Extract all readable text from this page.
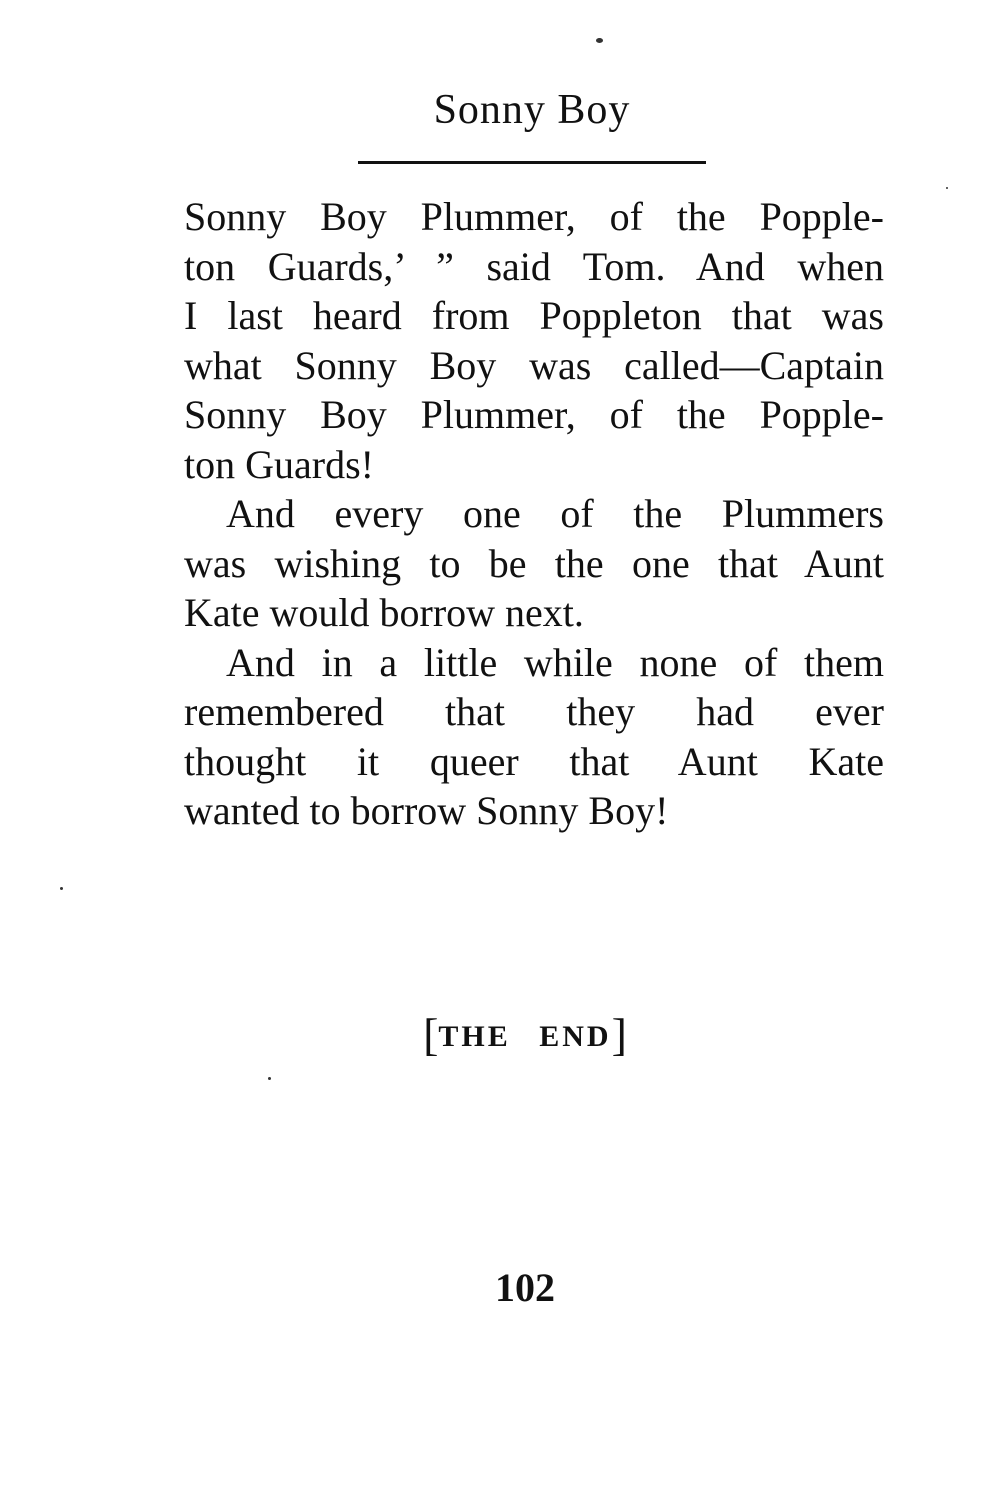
Sonny Boy

Sonny Boy Plummer, of the Popple-
ton Guards,’ ” said Tom. And when
I last heard from Poppleton that was
what Sonny Boy was called—Captain
Sonny Boy Plummer, of the Popple-
ton Guards!

And every one of the Plummers
was wishing to be the one that Aunt
Kate would borrow next.

And in a little while none of them
remembered that they had ever
thought it queer that Aunt Kate
wanted to borrow Sonny Boy!

[THE END]
102
